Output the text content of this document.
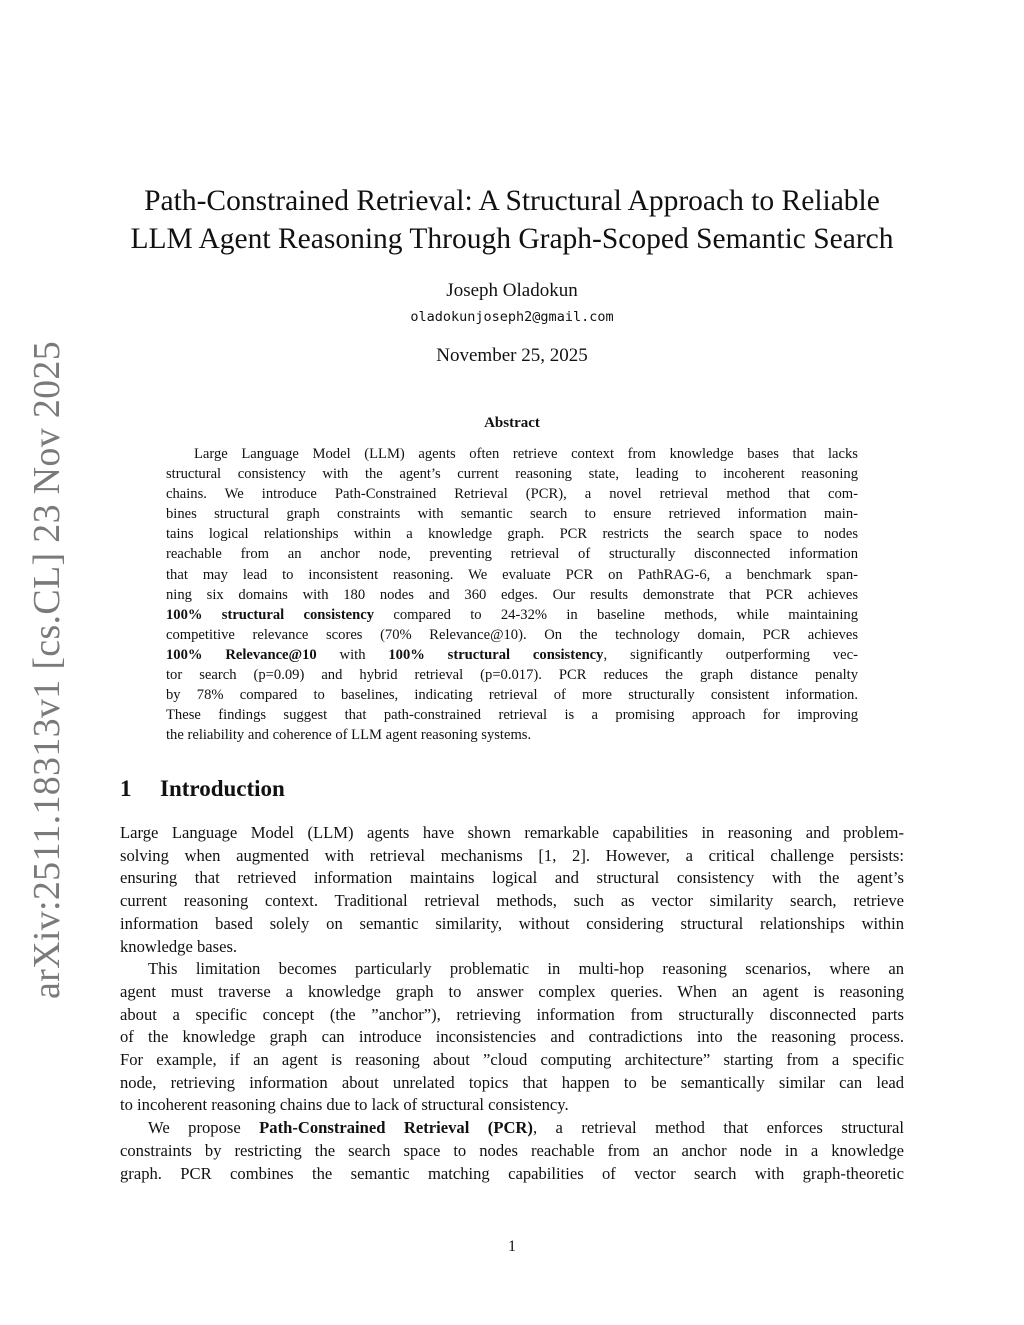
arXiv:2511.18313v1 [cs.CL] 23 Nov 2025
Path-Constrained Retrieval: A Structural Approach to Reliable
LLM Agent Reasoning Through Graph-Scoped Semantic Search
Joseph Oladokun
oladokunjoseph2@gmail.com
November 25, 2025
Abstract
Large Language Model (LLM) agents often retrieve context from knowledge bases that lacks
structural consistency with the agent’s current reasoning state, leading to incoherent reasoning
chains. We introduce Path-Constrained Retrieval (PCR), a novel retrieval method that com-
bines structural graph constraints with semantic search to ensure retrieved information main-
tains logical relationships within a knowledge graph. PCR restricts the search space to nodes
reachable from an anchor node, preventing retrieval of structurally disconnected information
that may lead to inconsistent reasoning. We evaluate PCR on PathRAG-6, a benchmark span-
ning six domains with 180 nodes and 360 edges. Our results demonstrate that PCR achieves
100% structural consistency compared to 24-32% in baseline methods, while maintaining
competitive relevance scores (70% Relevance@10). On the technology domain, PCR achieves
100% Relevance@10 with 100% structural consistency, significantly outperforming vec-
tor search (p=0.09) and hybrid retrieval (p=0.017). PCR reduces the graph distance penalty
by 78% compared to baselines, indicating retrieval of more structurally consistent information.
These findings suggest that path-constrained retrieval is a promising approach for improving
the reliability and coherence of LLM agent reasoning systems.
1 Introduction
Large Language Model (LLM) agents have shown remarkable capabilities in reasoning and problem-
solving when augmented with retrieval mechanisms [1, 2]. However, a critical challenge persists:
ensuring that retrieved information maintains logical and structural consistency with the agent’s
current reasoning context. Traditional retrieval methods, such as vector similarity search, retrieve
information based solely on semantic similarity, without considering structural relationships within
knowledge bases.
This limitation becomes particularly problematic in multi-hop reasoning scenarios, where an
agent must traverse a knowledge graph to answer complex queries. When an agent is reasoning
about a specific concept (the ”anchor”), retrieving information from structurally disconnected parts
of the knowledge graph can introduce inconsistencies and contradictions into the reasoning process.
For example, if an agent is reasoning about ”cloud computing architecture” starting from a specific
node, retrieving information about unrelated topics that happen to be semantically similar can lead
to incoherent reasoning chains due to lack of structural consistency.
We propose Path-Constrained Retrieval (PCR), a retrieval method that enforces structural
constraints by restricting the search space to nodes reachable from an anchor node in a knowledge
graph. PCR combines the semantic matching capabilities of vector search with graph-theoretic
1
